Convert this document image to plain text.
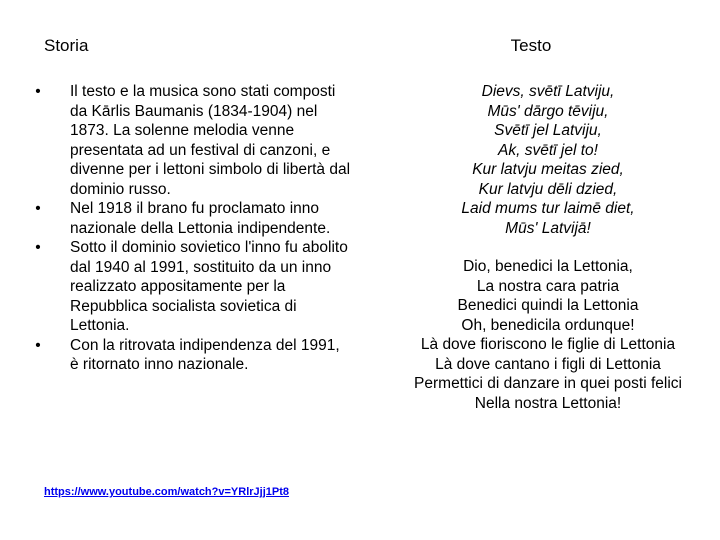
Storia	Testo
•	Il testo e la musica sono stati composti da Kārlis Baumanis (1834-1904) nel 1873. La solenne melodia venne presentata ad un festival di canzoni, e divenne per i lettoni simbolo di libertà dal dominio russo.
•	Nel 1918 il brano fu proclamato inno nazionale della Lettonia indipendente.
•	Sotto il dominio sovietico l'inno fu abolito dal 1940 al 1991, sostituito da un inno realizzato appositamente per la Repubblica socialista sovietica di Lettonia.
•	Con la ritrovata indipendenza del 1991, è ritornato inno nazionale.
Dievs, svētī Latviju,
Mūs' dārgo tēviju,
Svētī jel Latviju,
Ak, svētī jel to!
Kur latvju meitas zied,
Kur latvju dēli dzied,
Laid mums tur laimē diet,
Mūs' Latvijā!
Dio, benedici la Lettonia,
La nostra cara patria
Benedici quindi la Lettonia
Oh, benedicila ordunque!
Là dove fioriscono le figlie di Lettonia
Là dove cantano i figli di Lettonia
Permettici di danzare in quei posti felici
Nella nostra Lettonia!
https://www.youtube.com/watch?v=YRlrJjj1Pt8
